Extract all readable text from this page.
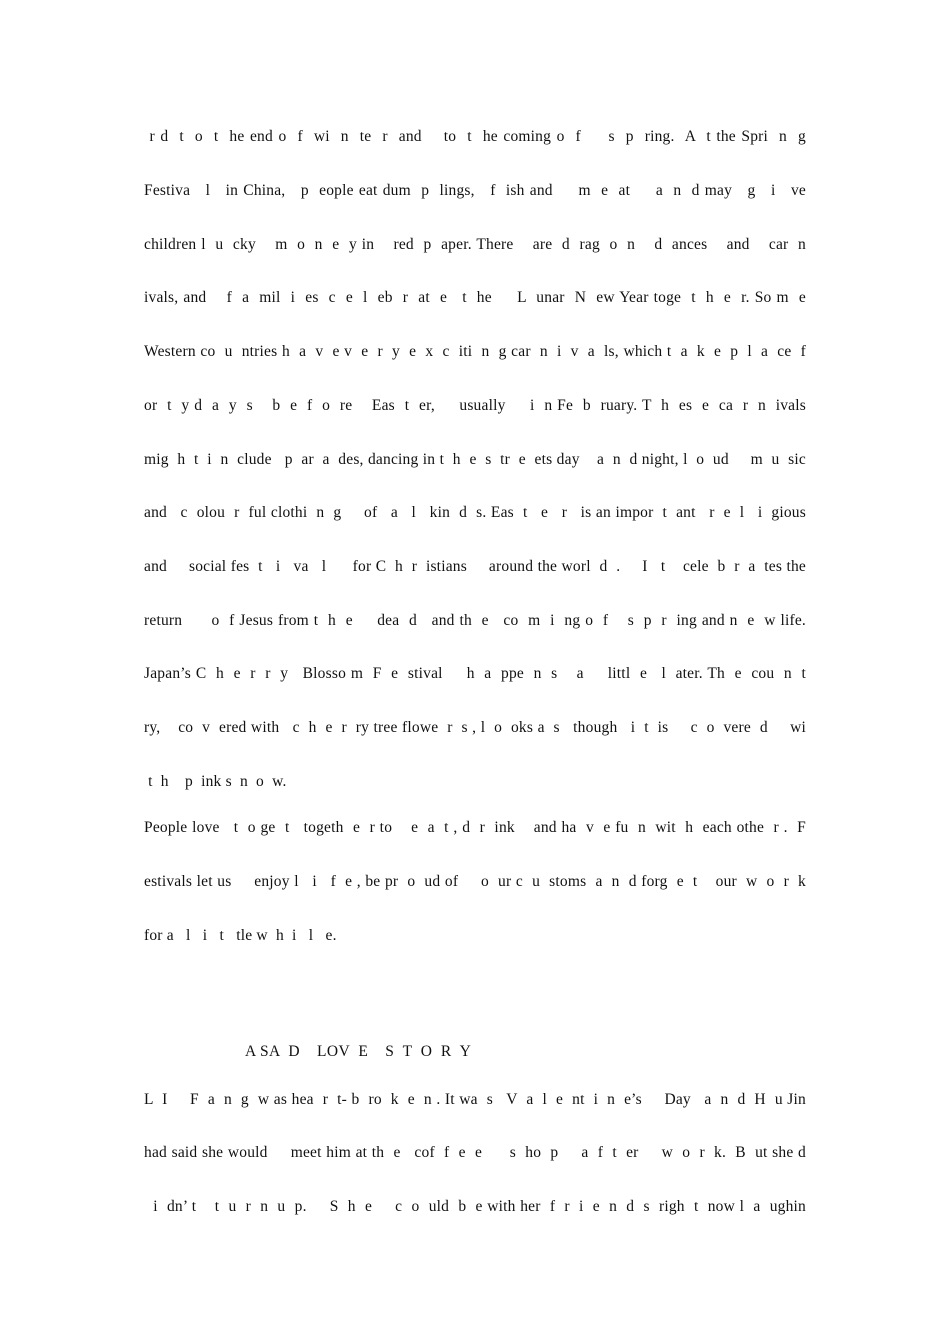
r d  t  o  t  he end o  f  wi  n  te  r  and    to  t  he coming o  f     s  p  ring.  A  t the Spri  n  g
Festiva   l   in China,   p  eople eat dum  p  lings,   f  ish and     m  e  at     a  n  d may   g   i   ve
children l  u  cky    m  o  n  e  y in    red  p  aper. There    are  d  rag  o  n    d  ances    and    car  n
ivals, and    f  a  mil  i  es  c  e  l  eb  r  at  e   t  he     L  unar  N  ew Year toge  t  h  e  r. So m  e
Western co  u  ntries h  a  v  e v  e  r  y  e  x  c  iti  n  g car  n  i  v  a  ls, which t  a  k  e  p  l  a  ce  f
or  t  y d  a  y  s    b  e  f  o  re    Eas  t  er,     usually     i  n Fe  b  ruary. T  h  es  e  ca  r  n  ivals
mig  h  t  i  n  clude   p  ar  a  des, dancing in t  h  e  s  tr  e  ets day    a  n  d night, l  o  ud     m  u  sic
and   c  olou  r  ful clothi  n  g     of   a   l   kin  d  s. Eas  t   e   r   is an impor  t  ant   r  e  l   i  gious
and     social fes  t   i   va   l      for C  h  r  istians     around the worl  d  .     I   t    cele  b  r  a  tes the
return      o  f Jesus from t  h  e     dea  d   and th  e   co  m  i  ng o  f    s  p  r  ing and n  e  w life.
Japan’s C  h  e  r  r  y   Blosso m  F  e  stival     h  a  ppe  n  s    a     littl  e   l  ater. Th  e  cou  n  t
ry,    co  v  ered with   c  h  e  r  ry tree flowe  r  s , l  o  oks a  s   though   i  t  is     c  o  vere  d     wi
t  h    p  ink s  n  o  w.
People love   t  o ge  t   togeth  e  r to    e  a  t , d  r  ink    and ha  v  e fu  n  wit  h  each othe  r .  F
estivals let us     enjoy l   i   f  e , be pr  o  ud of     o  ur c  u  stoms  a  n  d forg  e  t    our  w  o  r  k
for a   l   i   t   tle w  h  i   l   e.
A SA  D    LOV  E    S  T  O  R  Y
L  I     F  a  n  g  w as hea  r  t- b  ro  k  e  n . It wa  s   V  a  l  e  nt  i  n  e’s     Day   a  n  d  H  u Jin
had said she would     meet him at th  e   cof  f  e  e      s  ho  p     a  f  t  er     w  o  r  k.  B  ut she d
i  dn’ t    t  u  r  n  u  p.     S  h  e     c  o  uld  b  e with her  f  r  i  e  n  d  s  righ  t  now l  a  ughin
